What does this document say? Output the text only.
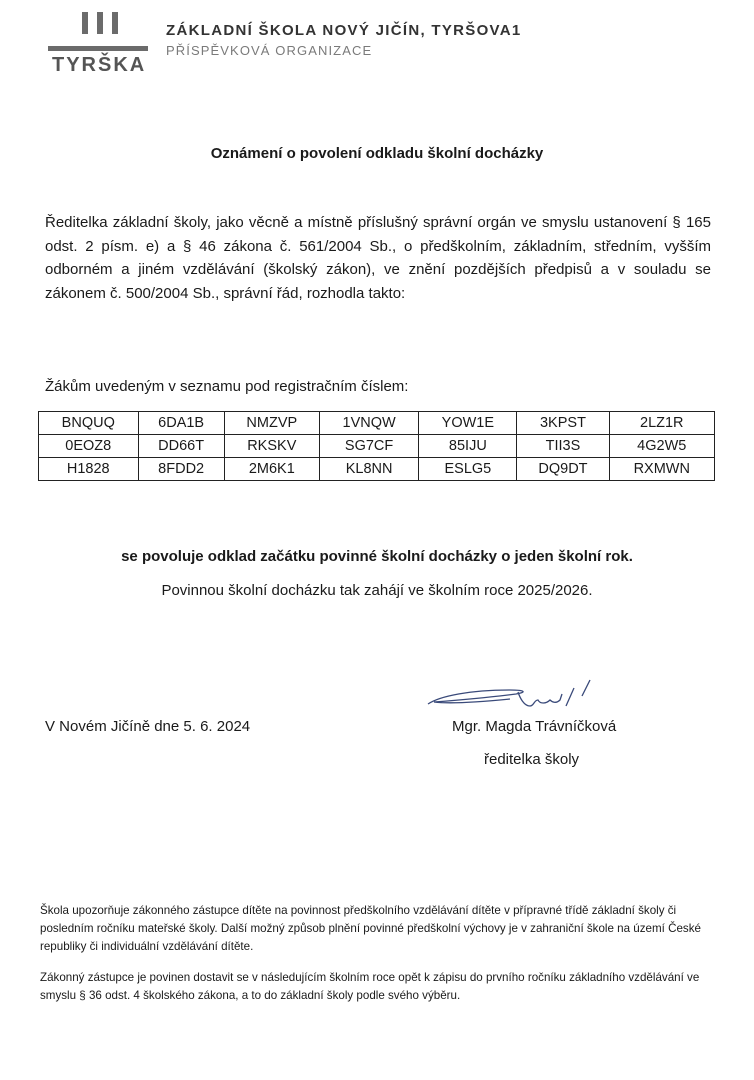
TYRŠKA
ZÁKLADNÍ ŠKOLA NOVÝ JIČÍN, TYRŠOVA1
PŘÍSPĚVKOVÁ ORGANIZACE
Oznámení o povolení odkladu školní docházky
Ředitelka základní školy, jako věcně a místně příslušný správní orgán ve smyslu ustanovení § 165 odst. 2 písm. e) a § 46 zákona č. 561/2004 Sb., o předškolním, základním, středním, vyšším odborném a jiném vzdělávání (školský zákon), ve znění pozdějších předpisů a v souladu se zákonem č. 500/2004 Sb., správní řád, rozhodla takto:
Žákům uvedeným v seznamu pod registračním číslem:
BNQUQ	6DA1B	NMZVP	1VNQW	YOW1E	3KPST	2LZ1R
0EOZ8	DD66T	RKSKV	SG7CF	85IJU	TII3S	4G2W5
H1828	8FDD2	2M6K1	KL8NN	ESLG5	DQ9DT	RXMWN
se povoluje odklad začátku povinné školní docházky o jeden školní rok.
Povinnou školní docházku tak zahájí ve školním roce 2025/2026.
V Novém Jičíně dne 5. 6. 2024	Mgr. Magda Trávníčková
ředitelka školy
Škola upozorňuje zákonného zástupce dítěte na povinnost předškolního vzdělávání dítěte v přípravné třídě základní školy či posledním ročníku mateřské školy. Další možný způsob plnění povinné předškolní výchovy je v zahraniční škole na území České republiky či individuální vzdělávání dítěte.
Zákonný zástupce je povinen dostavit se v následujícím školním roce opět k zápisu do prvního ročníku základního vzdělávání ve smyslu § 36 odst. 4 školského zákona, a to do základní školy podle svého výběru.
